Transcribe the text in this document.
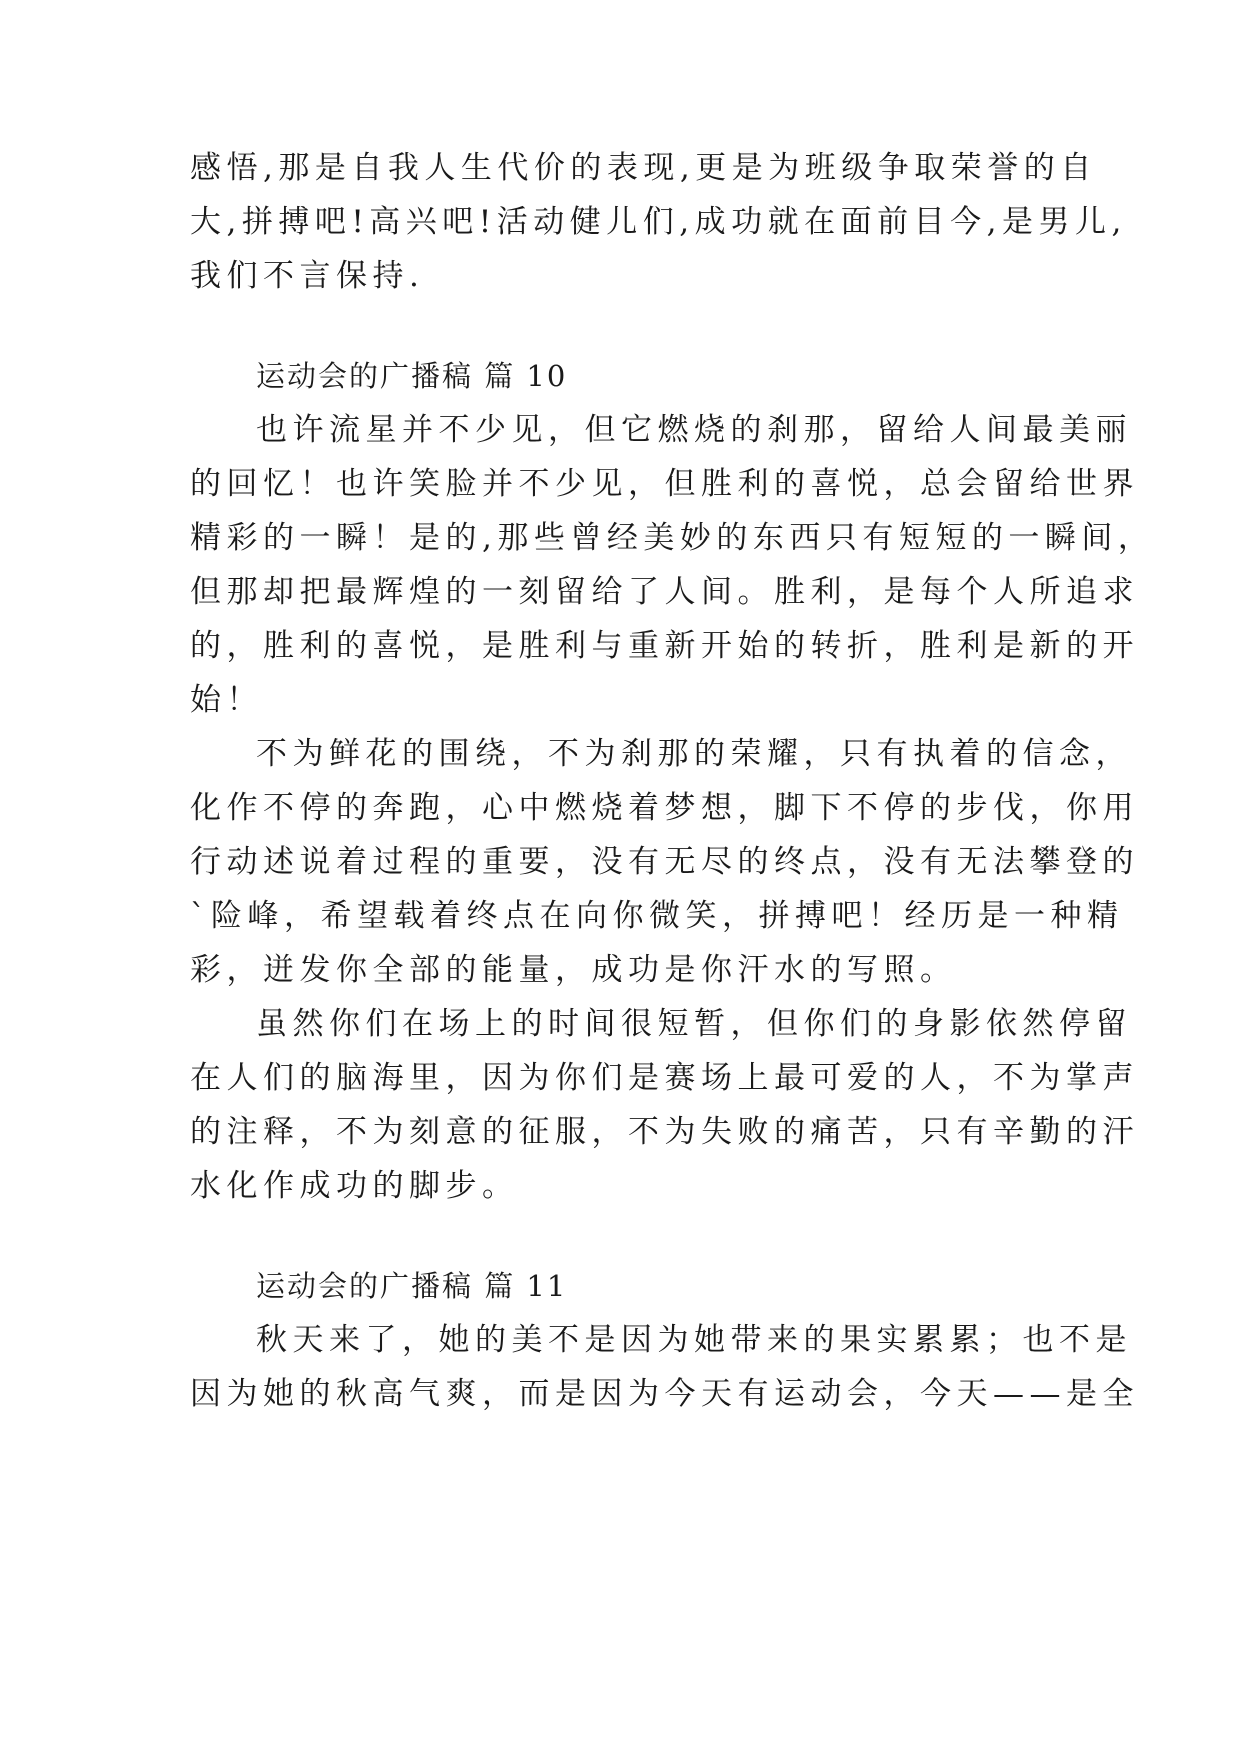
感悟,那是自我人生代价的表现,更是为班级争取荣誉的自
大,拼搏吧!高兴吧!活动健儿们,成功就在面前目今,是男儿,
我们不言保持.
运动会的广播稿 篇 10
也许流星并不少见，但它燃烧的刹那，留给人间最美丽
的回忆！也许笑脸并不少见，但胜利的喜悦，总会留给世界
精彩的一瞬！是的,那些曾经美妙的东西只有短短的一瞬间，
但那却把最辉煌的一刻留给了人间。胜利，是每个人所追求
的，胜利的喜悦，是胜利与重新开始的转折，胜利是新的开
始！
不为鲜花的围绕，不为刹那的荣耀，只有执着的信念，
化作不停的奔跑，心中燃烧着梦想，脚下不停的步伐，你用
行动述说着过程的重要，没有无尽的终点，没有无法攀登的
`险峰，希望载着终点在向你微笑，拼搏吧！经历是一种精
彩，迸发你全部的能量，成功是你汗水的写照。
虽然你们在场上的时间很短暂，但你们的身影依然停留
在人们的脑海里，因为你们是赛场上最可爱的人，不为掌声
的注释，不为刻意的征服，不为失败的痛苦，只有辛勤的汗
水化作成功的脚步。
运动会的广播稿 篇 11
秋天来了，她的美不是因为她带来的果实累累；也不是
因为她的秋高气爽，而是因为今天有运动会，今天——是全
